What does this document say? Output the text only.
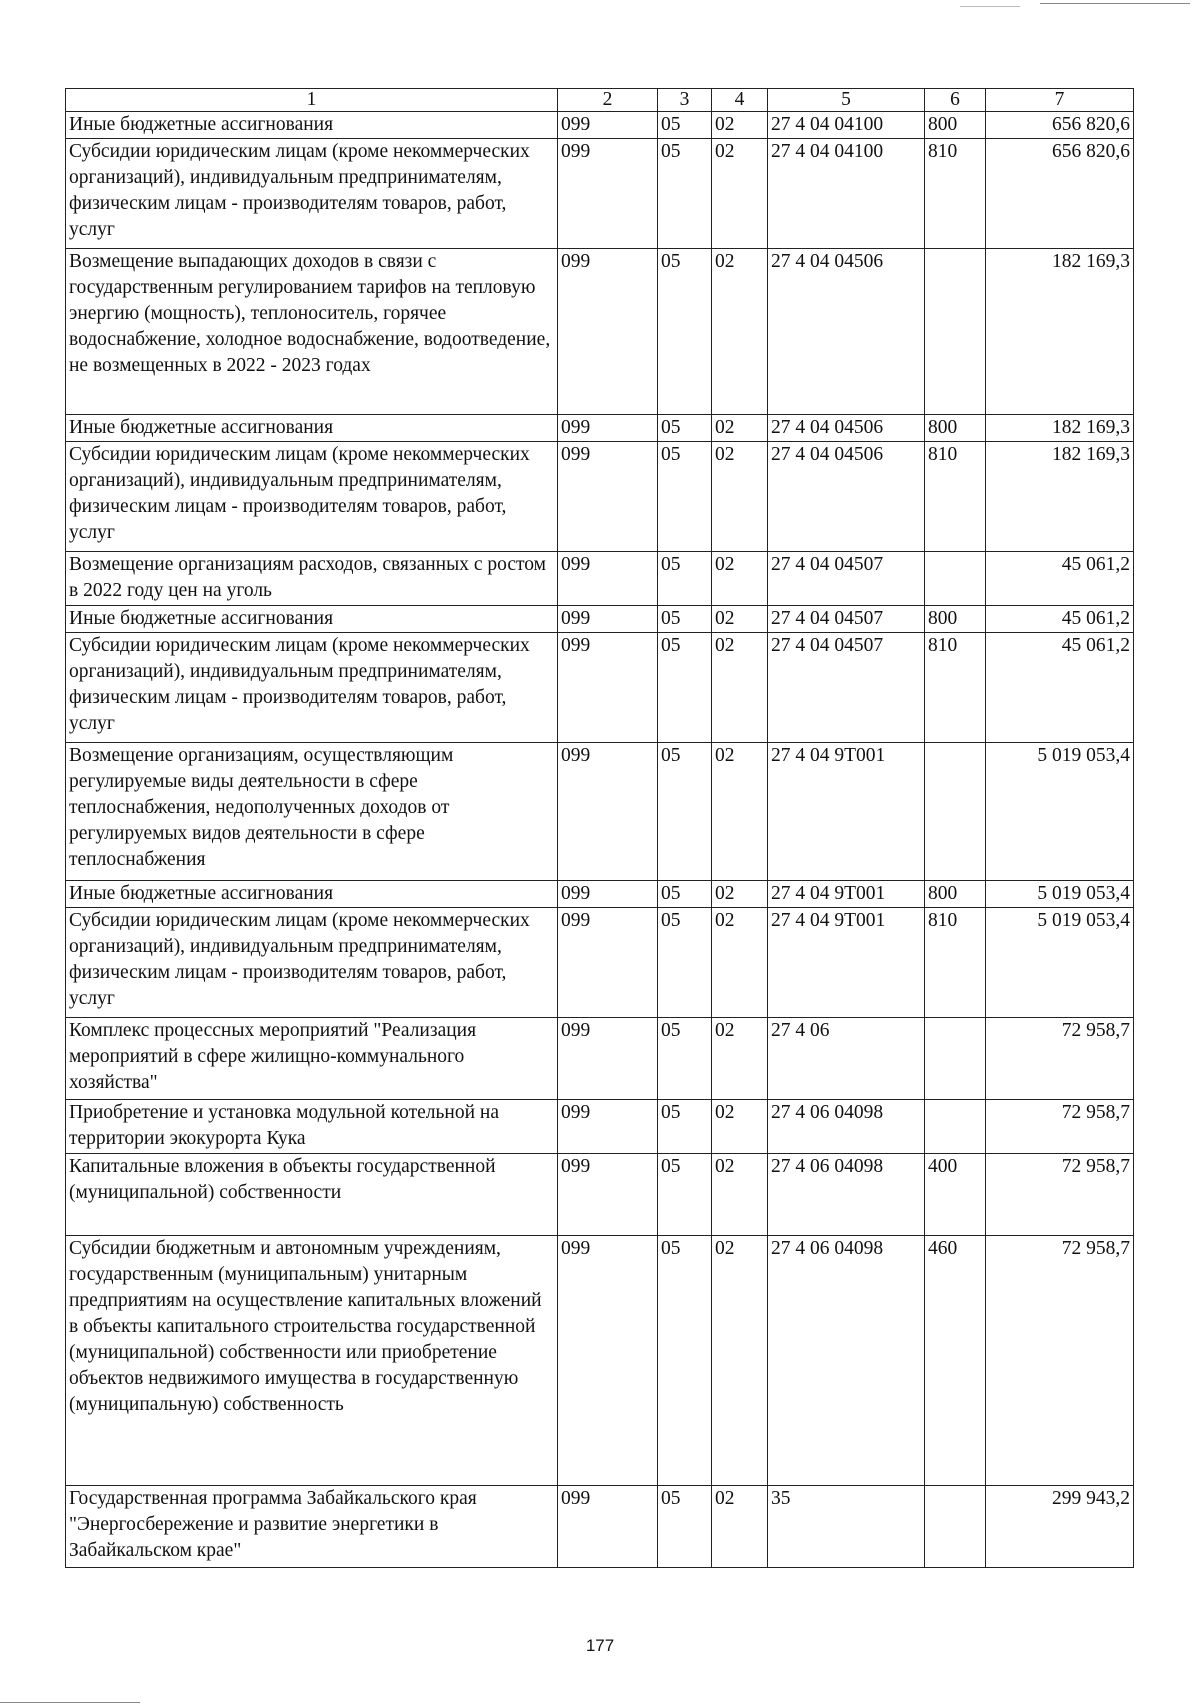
1	2	3	4	5	6	7
Иные бюджетные ассигнования	099	05	02	27 4 04 04100	800	656 820,6
Субсидии юридическим лицам (кроме некоммерческих организаций), индивидуальным предпринимателям, физическим лицам - производителям товаров, работ, услуг	099	05	02	27 4 04 04100	810	656 820,6
Возмещение выпадающих доходов в связи с государственным регулированием тарифов на тепловую энергию (мощность), теплоноситель, горячее водоснабжение, холодное водоснабжение, водоотведение, не возмещенных в 2022 - 2023 годах	099	05	02	27 4 04 04506		182 169,3
Иные бюджетные ассигнования	099	05	02	27 4 04 04506	800	182 169,3
Субсидии юридическим лицам (кроме некоммерческих организаций), индивидуальным предпринимателям, физическим лицам - производителям товаров, работ, услуг	099	05	02	27 4 04 04506	810	182 169,3
Возмещение организациям расходов, связанных с ростом в 2022 году цен на уголь	099	05	02	27 4 04 04507		45 061,2
Иные бюджетные ассигнования	099	05	02	27 4 04 04507	800	45 061,2
Субсидии юридическим лицам (кроме некоммерческих организаций), индивидуальным предпринимателям, физическим лицам - производителям товаров, работ, услуг	099	05	02	27 4 04 04507	810	45 061,2
Возмещение организациям, осуществляющим регулируемые виды деятельности в сфере теплоснабжения, недополученных доходов от регулируемых видов деятельности в сфере теплоснабжения	099	05	02	27 4 04 9Т001		5 019 053,4
Иные бюджетные ассигнования	099	05	02	27 4 04 9Т001	800	5 019 053,4
Субсидии юридическим лицам (кроме некоммерческих организаций), индивидуальным предпринимателям, физическим лицам - производителям товаров, работ, услуг	099	05	02	27 4 04 9Т001	810	5 019 053,4
Комплекс процессных мероприятий "Реализация мероприятий в сфере жилищно-коммунального хозяйства"	099	05	02	27 4 06		72 958,7
Приобретение и установка модульной котельной на территории экокурорта Кука	099	05	02	27 4 06 04098		72 958,7
Капитальные вложения в объекты государственной (муниципальной) собственности	099	05	02	27 4 06 04098	400	72 958,7
Субсидии бюджетным и автономным учреждениям, государственным (муниципальным) унитарным предприятиям на осуществление капитальных вложений в объекты капитального строительства государственной (муниципальной) собственности или приобретение объектов недвижимого имущества в государственную (муниципальную) собственность	099	05	02	27 4 06 04098	460	72 958,7
Государственная программа Забайкальского края "Энергосбережение и развитие энергетики в Забайкальском крае"	099	05	02	35		299 943,2
177
